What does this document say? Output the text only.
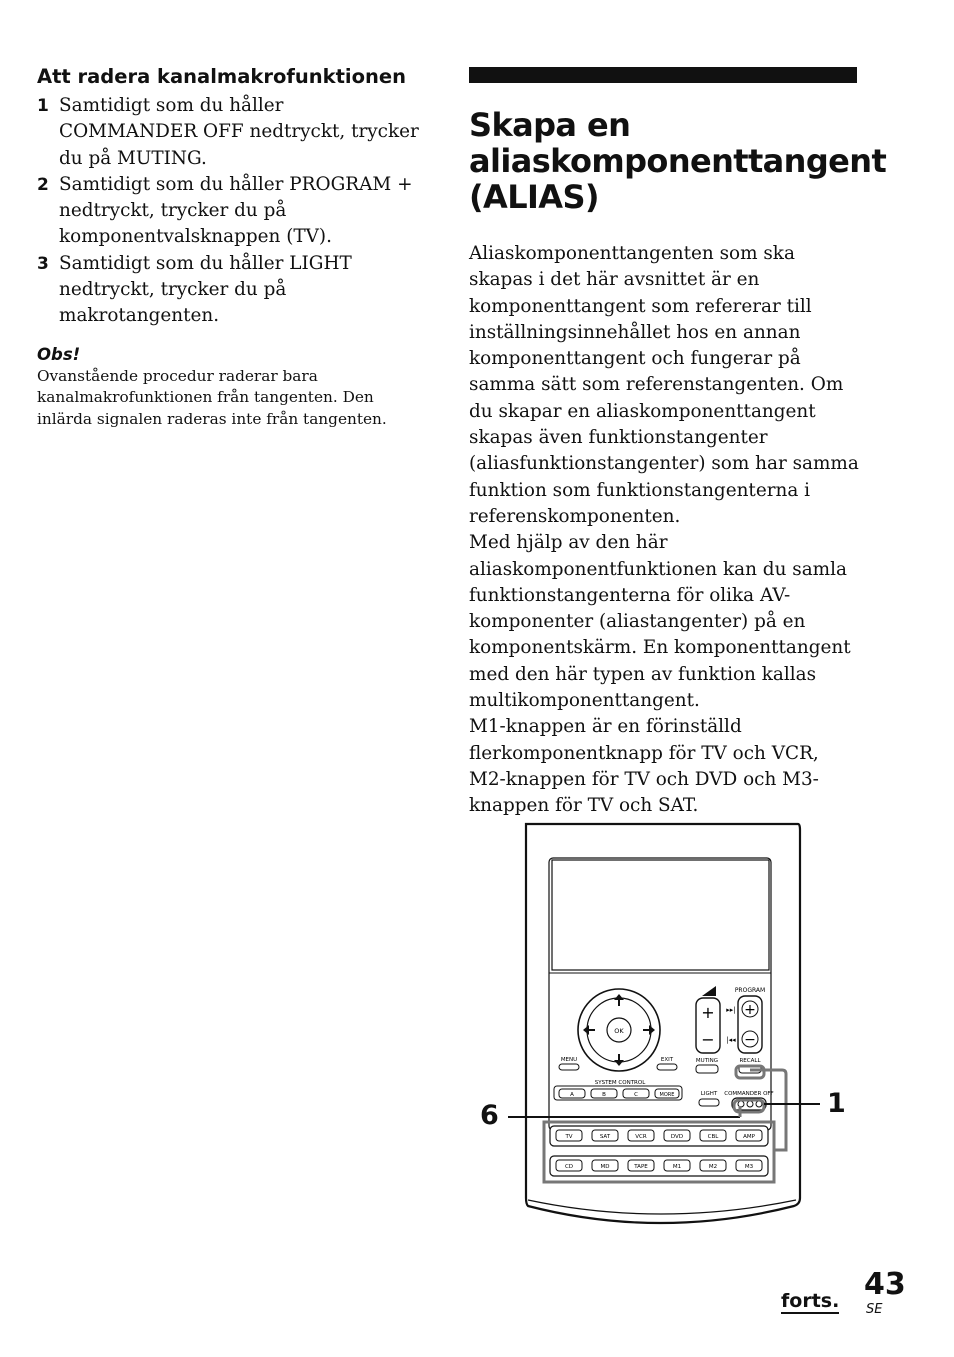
Att radera kanalmakrofunktionen
1 Samtidigt som du håller COMMANDER OFF nedtryckt, trycker du på MUTING.
2 Samtidigt som du håller PROGRAM + nedtryckt, trycker du på komponentvalsknappen (TV).
3 Samtidigt som du håller LIGHT nedtryckt, trycker du på makrotangenten.
Obs!
Ovanstående procedur raderar bara kanalmakrofunktionen från tangenten. Den inlärda signalen raderas inte från tangenten.
Skapa en aliaskomponenttangent (ALIAS)

Aliaskomponenttangenten som ska skapas i det här avsnittet är en komponenttangent som refererar till inställningsinnehållet hos en annan komponenttangent och fungerar på samma sätt som referenstangenten. Om du skapar en aliaskomponenttangent skapas även funktionstangenter (aliasfunktionstangenter) som har samma funktion som funktionstangenterna i referenskomponenten.

Med hjälp av den här aliaskomponentfunktionen kan du samla funktionstangenterna för olika AV-komponenter (aliastangenter) på en komponentskärm. En komponenttangent med den här typen av funktion kallas multikomponenttangent.

M1-knappen är en förinställd flerkomponentknapp för TV och VCR, M2-knappen för TV och DVD och M3-knappen för TV och SAT.

OK
+
−
PROGRAM
+
−
▸▸|
|◂◂
MENU	EXIT	MUTING	RECALL
SYSTEM CONTROL
A	B	C	MORE	LIGHT COMMANDER OFF
TV	SAT	VCR	DVD	CBL	AMP
CD	MD	TAPE	M1	M2	M3
1
6
forts. 43
SE
